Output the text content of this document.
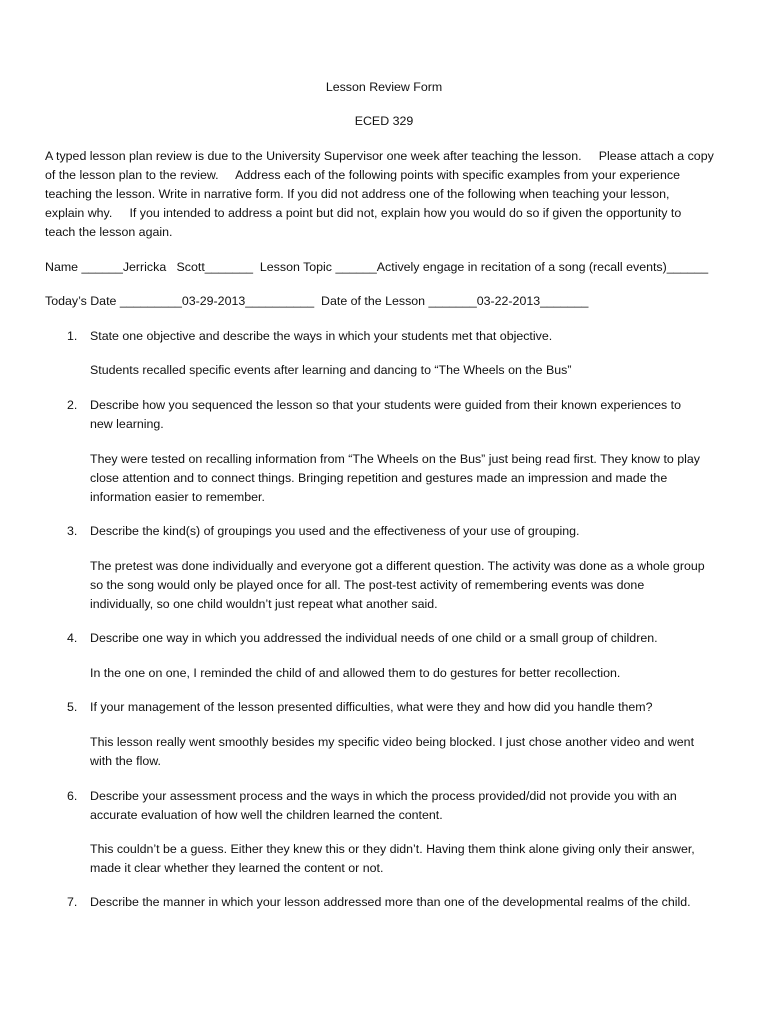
Lesson Review Form
ECED 329

A typed lesson plan review is due to the University Supervisor one week after teaching the lesson.     Please attach a copy

of the lesson plan to the review.     Address each of the following points with specific examples from your experience

teaching the lesson. Write in narrative form. If you did not address one of the following when teaching your lesson,

explain why.     If you intended to address a point but did not, explain how you would do so if given the opportunity to

teach the lesson again.

Name ______Jerricka   Scott_______  Lesson Topic ______Actively engage in recitation of a song (recall events)______
Today’s Date _________03-29-2013__________  Date of the Lesson _______03-22-2013_______
1.	State one objective and describe the ways in which your students met that objective.

Students recalled specific events after learning and dancing to “The Wheels on the Bus”

2.	Describe how you sequenced the lesson so that your students were guided from their known experiences to
new learning.

They were tested on recalling information from “The Wheels on the Bus” just being read first. They know to play

close attention and to connect things. Bringing repetition and gestures made an impression and made the

information easier to remember.

3.	Describe the kind(s) of groupings you used and the effectiveness of your use of grouping.

The pretest was done individually and everyone got a different question. The activity was done as a whole group

so the song would only be played once for all. The post-test activity of remembering events was done

individually, so one child wouldn’t just repeat what another said.

4.	Describe one way in which you addressed the individual needs of one child or a small group of children.

In the one on one, I reminded the child of and allowed them to do gestures for better recollection.

5.	If your management of the lesson presented difficulties, what were they and how did you handle them?

This lesson really went smoothly besides my specific video being blocked. I just chose another video and went

with the flow.

6.	Describe your assessment process and the ways in which the process provided/did not provide you with an
accurate evaluation of how well the children learned the content.

This couldn’t be a guess. Either they knew this or they didn’t. Having them think alone giving only their answer,

made it clear whether they learned the content or not.

7.	Describe the manner in which your lesson addressed more than one of the developmental realms of the child.
